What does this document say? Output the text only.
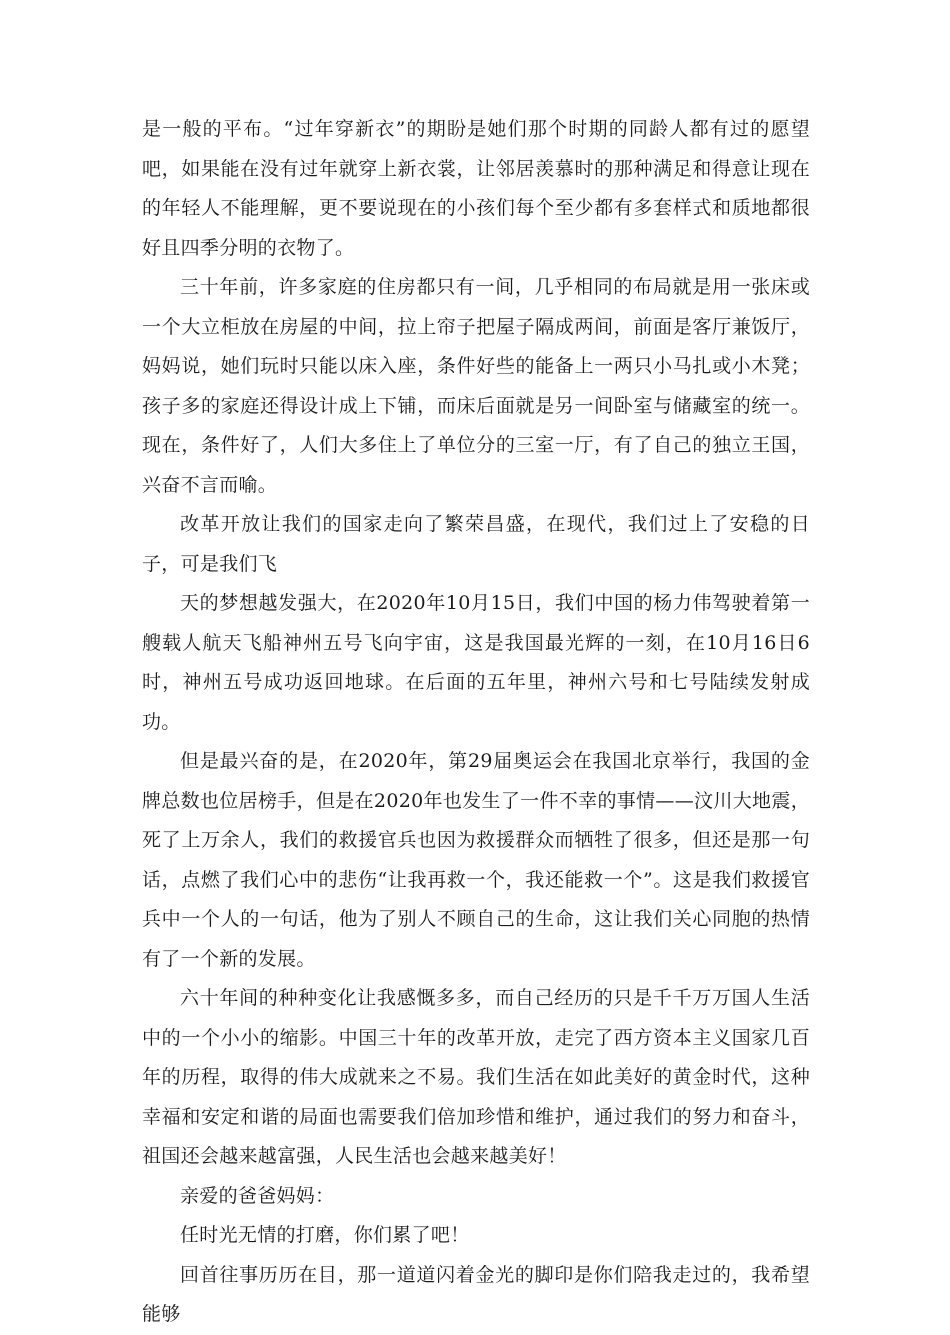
是一般的平布。“过年穿新衣”的期盼是她们那个时期的同龄人都有过的愿望吧，如果能在没有过年就穿上新衣裳，让邻居羡慕时的那种满足和得意让现在的年轻人不能理解，更不要说现在的小孩们每个至少都有多套样式和质地都很好且四季分明的衣物了。

三十年前，许多家庭的住房都只有一间，几乎相同的布局就是用一张床或一个大立柜放在房屋的中间，拉上帘子把屋子隔成两间，前面是客厅兼饭厅，妈妈说，她们玩时只能以床入座，条件好些的能备上一两只小马扎或小木凳；孩子多的家庭还得设计成上下铺，而床后面就是另一间卧室与储藏室的统一。现在，条件好了，人们大多住上了单位分的三室一厅，有了自己的独立王国，兴奋不言而喻。

改革开放让我们的国家走向了繁荣昌盛，在现代，我们过上了安稳的日子，可是我们飞

天的梦想越发强大，在2020年10月15日，我们中国的杨力伟驾驶着第一艘载人航天飞船神州五号飞向宇宙，这是我国最光辉的一刻，在10月16日6时，神州五号成功返回地球。在后面的五年里，神州六号和七号陆续发射成功。

但是最兴奋的是，在2020年，第29届奥运会在我国北京举行，我国的金牌总数也位居榜手，但是在2020年也发生了一件不幸的事情——汶川大地震，死了上万余人，我们的救援官兵也因为救援群众而牺牲了很多，但还是那一句话，点燃了我们心中的悲伤“让我再救一个，我还能救一个”。这是我们救援官兵中一个人的一句话，他为了别人不顾自己的生命，这让我们关心同胞的热情有了一个新的发展。

六十年间的种种变化让我感慨多多，而自己经历的只是千千万万国人生活中的一个小小的缩影。中国三十年的改革开放，走完了西方资本主义国家几百年的历程，取得的伟大成就来之不易。我们生活在如此美好的黄金时代，这种幸福和安定和谐的局面也需要我们倍加珍惜和维护，通过我们的努力和奋斗，祖国还会越来越富强，人民生活也会越来越美好！

亲爱的爸爸妈妈：

任时光无情的打磨，你们累了吧！

回首往事历历在目，那一道道闪着金光的脚印是你们陪我走过的，我希望能够
